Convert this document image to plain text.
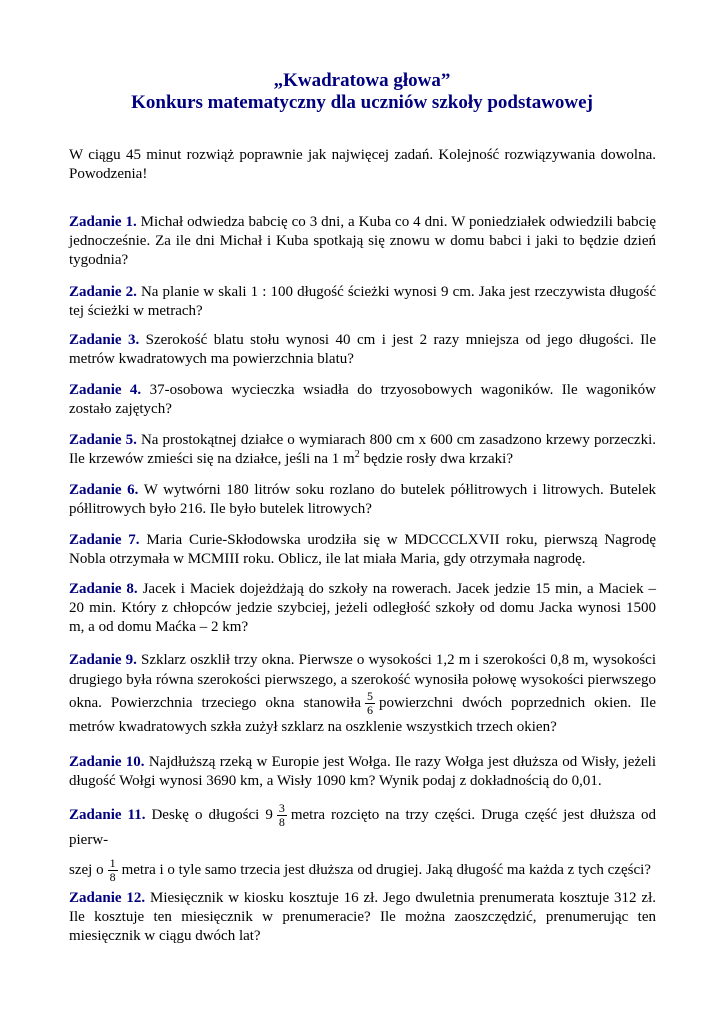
„Kwadratowa głowa”
Konkurs matematyczny dla uczniów szkoły podstawowej
W ciągu 45 minut rozwiąż poprawnie jak najwięcej zadań. Kolejność rozwiązywania dowolna. Powodzenia!

Zadanie 1. Michał odwiedza babcię co 3 dni, a Kuba co 4 dni. W poniedziałek odwiedzili babcię jednocześnie. Za ile dni Michał i Kuba spotkają się znowu w domu babci i jaki to będzie dzień tygodnia?

Zadanie 2. Na planie w skali 1 : 100 długość ścieżki wynosi 9 cm. Jaka jest rzeczywista długość tej ścieżki w metrach?

Zadanie 3. Szerokość blatu stołu wynosi 40 cm i jest 2 razy mniejsza od jego długości. Ile metrów kwadratowych ma powierzchnia blatu?

Zadanie 4. 37-osobowa wycieczka wsiadła do trzyosobowych wagoników. Ile wagoników zostało zajętych?

Zadanie 5. Na prostokątnej działce o wymiarach 800 cm x 600 cm zasadzono krzewy porzeczki. Ile krzewów zmieści się na działce, jeśli na 1 $m^2$ będzie rosły dwa krzaki?

Zadanie 6. W wytwórni 180 litrów soku rozlano do butelek półlitrowych i litrowych. Butelek półlitrowych było 216. Ile było butelek litrowych?

Zadanie 7. Maria Curie-Skłodowska urodziła się w MDCCCLXVII roku, pierwszą Nagrodę Nobla otrzymała w MCMIII roku. Oblicz, ile lat miała Maria, gdy otrzymała nagrodę.

Zadanie 8. Jacek i Maciek dojeżdżają do szkoły na rowerach. Jacek jedzie 15 min, a Maciek – 20 min. Który z chłopców jedzie szybciej, jeżeli odległość szkoły od domu Jacka wynosi 1500 m, a od domu Maćka – 2 km?

Zadanie 9. Szklarz oszklił trzy okna. Pierwsze o wysokości 1,2 m i szerokości 0,8 m, wysokości drugiego była równa szerokości pierwszego, a szerokość wynosiła połowę wysokości pierwszego okna. Powierzchnia trzeciego okna stanowiła $\frac{5}{6}$ powierzchni dwóch poprzednich okien. Ile metrów kwadratowych szkła zużył szklarz na oszklenie wszystkich trzech okien?

Zadanie 10. Najdłuższą rzeką w Europie jest Wołga. Ile razy Wołga jest dłuższa od Wisły, jeżeli długość Wołgi wynosi 3690 km, a Wisły 1090 km? Wynik podaj z dokładnością do 0,01.

Zadanie 11. Deskę o długości $9 \frac{3}{8}$ metra rozcięto na trzy części. Druga część jest dłuższa od pierw-
szej o $\frac{1}{8}$ metra i o tyle samo trzecia jest dłuższa od drugiej. Jaką długość ma każda z tych części?

Zadanie 12. Miesięcznik w kiosku kosztuje 16 zł. Jego dwuletnia prenumerata kosztuje 312 zł. Ile kosztuje ten miesięcznik w prenumeracie? Ile można zaoszczędzić, prenumerując ten miesięcznik w ciągu dwóch lat?
